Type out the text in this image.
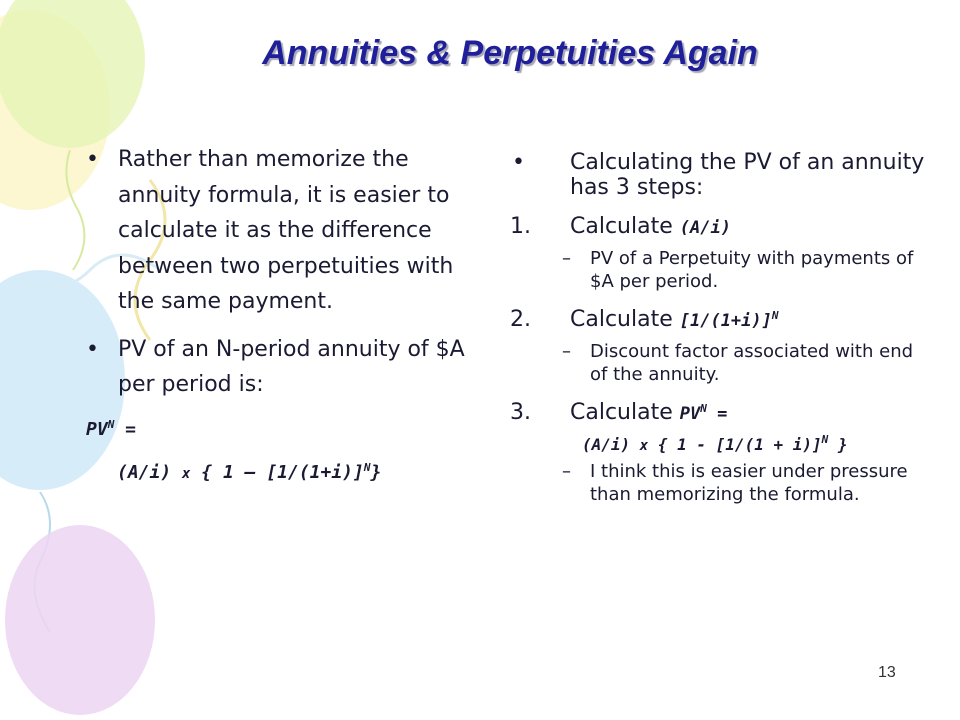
Annuities & Perpetuities Again
• Rather than memorize the annuity formula, it is easier to calculate it as the difference between two perpetuities with the same payment.
• PV of an N-period annuity of $A per period is:
$PV^N$ =
(A/i) x { $1 - [1/(1+i)]^N$}
•	Calculating the PV of an annuity has 3 steps:
1.	Calculate (A/i)
–	PV of a Perpetuity with payments of $A per period.
2.	Calculate $[1/(1+i)]^N$
–	Discount factor associated with end of the annuity.
3.	Calculate $PV^N$ =
(A/i) x { $1 - [1/(1 + i)]^N$ }
–	I think this is easier under pressure than memorizing the formula.
13
